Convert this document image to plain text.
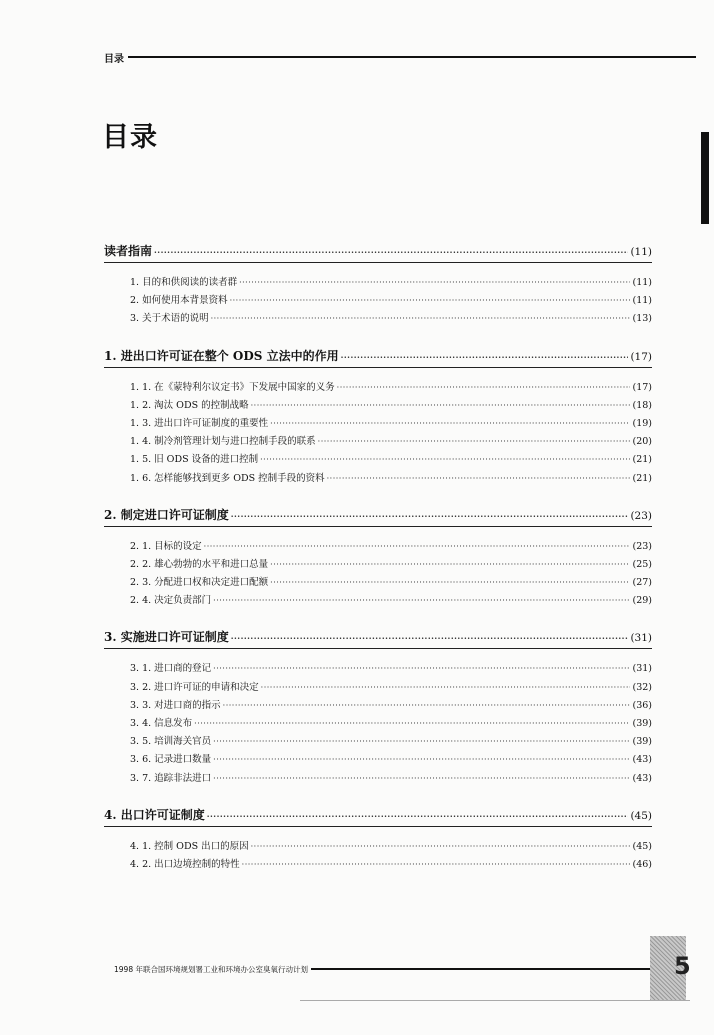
目录
目录
读者指南 ·····	(11)
1. 目的和供阅读的读者群 ·····	(11)
2. 如何使用本背景资料 ·····	(11)
3. 关于术语的说明 ·····	(13)
1. 进出口许可证在整个 ODS 立法中的作用 ·····	(17)
1. 1. 在《蒙特利尔议定书》下发展中国家的义务 ·····	(17)
1. 2. 淘汰 ODS 的控制战略 ·····	(18)
1. 3. 进出口许可证制度的重要性 ·····	(19)
1. 4. 制冷剂管理计划与进口控制手段的联系 ·····	(20)
1. 5. 旧 ODS 设备的进口控制 ·····	(21)
1. 6. 怎样能够找到更多 ODS 控制手段的资料 ·····	(21)
2. 制定进口许可证制度 ·····	(23)
2. 1. 目标的设定 ·····	(23)
2. 2. 雄心勃勃的水平和进口总量 ·····	(25)
2. 3. 分配进口权和决定进口配额 ·····	(27)
2. 4. 决定负责部门 ·····	(29)
3. 实施进口许可证制度 ·····	(31)
3. 1. 进口商的登记 ·····	(31)
3. 2. 进口许可证的申请和决定 ·····	(32)
3. 3. 对进口商的指示 ·····	(36)
3. 4. 信息发布 ·····	(39)
3. 5. 培训海关官员 ·····	(39)
3. 6. 记录进口数量 ·····	(43)
3. 7. 追踪非法进口 ·····	(43)
4. 出口许可证制度 ·····	(45)
4. 1. 控制 ODS 出口的原因 ·····	(45)
4. 2. 出口边境控制的特性 ·····	(46)
1998 年联合国环境规划署工业和环境办公室臭氧行动计划	5
